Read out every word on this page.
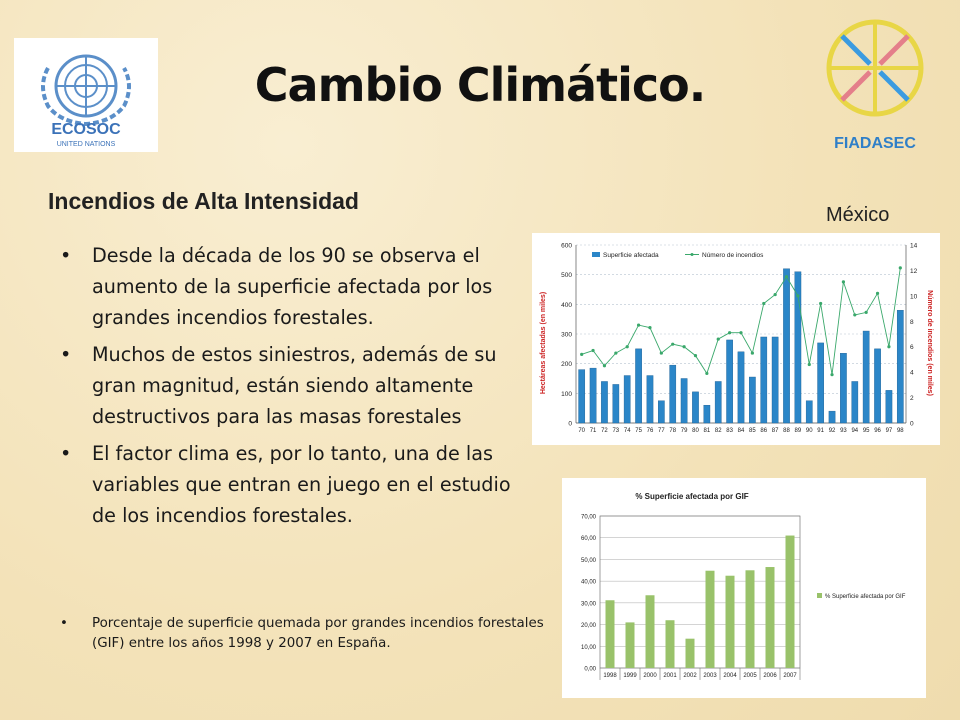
ECOSOC
UNITED NATIONS	FIADASEC
Cambio Climático.
Incendios de Alta Intensidad
México
• Desde la década de los 90 se observa el aumento de la superficie afectada por los grandes incendios forestales.
• Muchos de estos siniestros, además de su gran magnitud, están siendo altamente destructivos para las masas forestales
• El factor clima es, por lo tanto, una de las variables que entran en juego en el estudio de los incendios forestales.
• Porcentaje de superficie quemada por grandes incendios forestales (GIF) entre los años 1998 y 2007 en España.
Superficie afectada	Número de incendios
Hectáreas afectadas (en miles)	Número de incendios (en miles)
0
100
200
300
400
500
600
0
2
4
6
8
10
12
14
70 71 72 73 74 75 76 77 78 79 80 81 82 83 84 85 86 87 88 89 90 91 92 93 94 95 96 97 98
% Superficie afectada por GIF
% Superficie afectada por GIF
0,00
10,00
20,00
30,00
40,00
50,00
60,00
70,00
1998 1999 2000 2001 2002 2003 2004 2005 2006 2007
